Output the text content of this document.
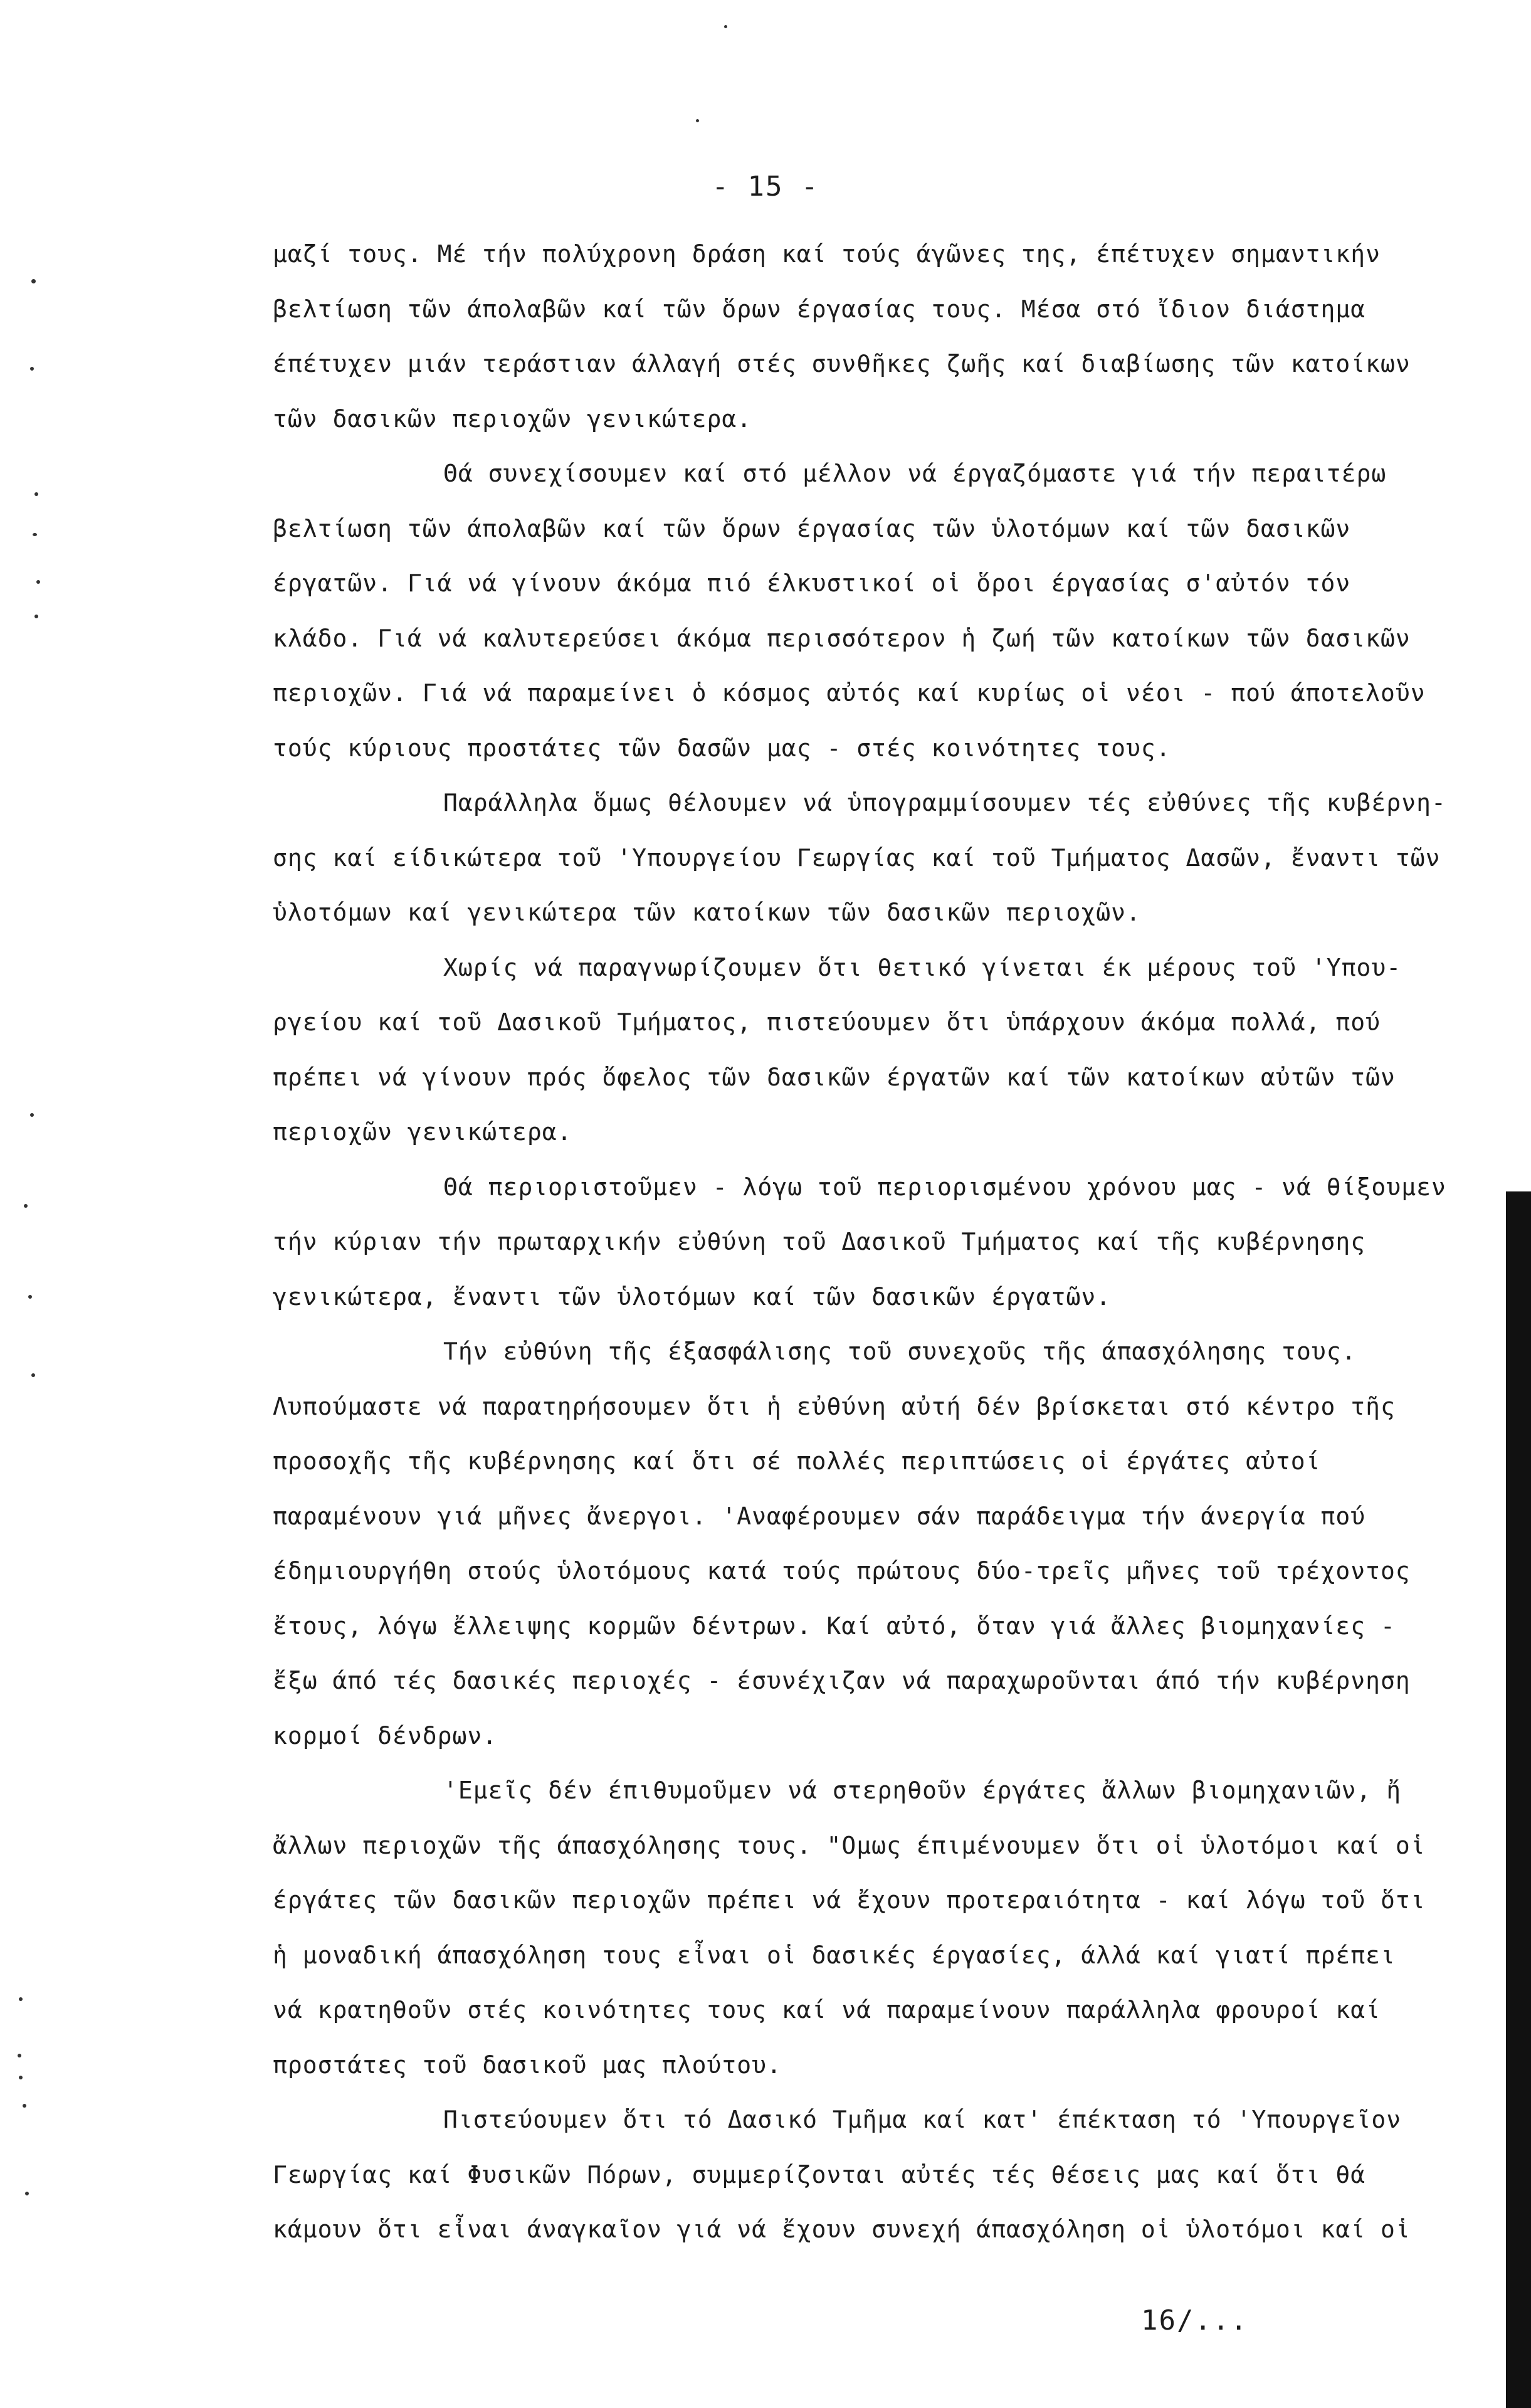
- 15 -
μαζί τους. Μέ τήν πολύχρονη δράση καί τούς άγῶνες της, έπέτυχεν σημαντικήν
βελτίωση τῶν άπολαβῶν καί τῶν ὅρων έργασίας τους. Μέσα στό ἴδιον διάστημα
έπέτυχεν μιάν τεράστιαν άλλαγή στές συνθῆκες ζωῆς καί διαβίωσης τῶν κατοίκων
τῶν δασικῶν περιοχῶν γενικώτερα.
Θά συνεχίσουμεν καί στό μέλλον νά έργαζόμαστε γιά τήν περαιτέρω
βελτίωση τῶν άπολαβῶν καί τῶν ὅρων έργασίας τῶν ὑλοτόμων καί τῶν δασικῶν
έργατῶν. Γιά νά γίνουν άκόμα πιό έλκυστικοί οἱ ὅροι έργασίας σ'αὐτόν τόν
κλάδο. Γιά νά καλυτερεύσει άκόμα περισσότερον ἡ ζωή τῶν κατοίκων τῶν δασικῶν
περιοχῶν. Γιά νά παραμείνει ὁ κόσμος αὐτός καί κυρίως οἱ νέοι - πού άποτελοῦν
τούς κύριους προστάτες τῶν δασῶν μας - στές κοινότητες τους.
Παράλληλα ὅμως θέλουμεν νά ὑπογραμμίσουμεν τές εὐθύνες τῆς κυβέρνη-
σης καί είδικώτερα τοῦ 'Υπουργείου Γεωργίας καί τοῦ Τμήματος Δασῶν, ἔναντι τῶν
ὑλοτόμων καί γενικώτερα τῶν κατοίκων τῶν δασικῶν περιοχῶν.
Χωρίς νά παραγνωρίζουμεν ὅτι θετικό γίνεται έκ μέρους τοῦ 'Υπου-
ργείου καί τοῦ Δασικοῦ Τμήματος, πιστεύουμεν ὅτι ὑπάρχουν άκόμα πολλά, πού
πρέπει νά γίνουν πρός ὄφελος τῶν δασικῶν έργατῶν καί τῶν κατοίκων αὐτῶν τῶν
περιοχῶν γενικώτερα.
Θά περιοριστοῦμεν - λόγω τοῦ περιορισμένου χρόνου μας - νά θίξουμεν
τήν κύριαν τήν πρωταρχικήν εὐθύνη τοῦ Δασικοῦ Τμήματος καί τῆς κυβέρνησης
γενικώτερα, ἔναντι τῶν ὑλοτόμων καί τῶν δασικῶν έργατῶν.
Τήν εὐθύνη τῆς έξασφάλισης τοῦ συνεχοῦς τῆς άπασχόλησης τους.
Λυπούμαστε νά παρατηρήσουμεν ὅτι ἡ εὐθύνη αὐτή δέν βρίσκεται στό κέντρο τῆς
προσοχῆς τῆς κυβέρνησης καί ὅτι σέ πολλές περιπτώσεις οἱ έργάτες αὐτοί
παραμένουν γιά μῆνες ἄνεργοι. 'Αναφέρουμεν σάν παράδειγμα τήν άνεργία πού
έδημιουργήθη στούς ὑλοτόμους κατά τούς πρώτους δύο-τρεῖς μῆνες τοῦ τρέχοντος
ἔτους, λόγω ἔλλειψης κορμῶν δέντρων. Καί αὐτό, ὅταν γιά ἄλλες βιομηχανίες -
ἔξω άπό τές δασικές περιοχές - έσυνέχιζαν νά παραχωροῦνται άπό τήν κυβέρνηση
κορμοί δένδρων.
'Εμεῖς δέν έπιθυμοῦμεν νά στερηθοῦν έργάτες ἄλλων βιομηχανιῶν, ἤ
ἄλλων περιοχῶν τῆς άπασχόλησης τους. "Ομως έπιμένουμεν ὅτι οἱ ὑλοτόμοι καί οἱ
έργάτες τῶν δασικῶν περιοχῶν πρέπει νά ἔχουν προτεραιότητα - καί λόγω τοῦ ὅτι
ἡ μοναδική άπασχόληση τους εἶναι οἱ δασικές έργασίες, άλλά καί γιατί πρέπει
νά κρατηθοῦν στές κοινότητες τους καί νά παραμείνουν παράλληλα φρουροί καί
προστάτες τοῦ δασικοῦ μας πλούτου.
Πιστεύουμεν ὅτι τό Δασικό Τμῆμα καί κατ' έπέκταση τό 'Υπουργεῖον
Γεωργίας καί Φυσικῶν Πόρων, συμμερίζονται αὐτές τές θέσεις μας καί ὅτι θά
κάμουν ὅτι εἶναι άναγκαῖον γιά νά ἔχουν συνεχή άπασχόληση οἱ ὑλοτόμοι καί οἱ
16/...
